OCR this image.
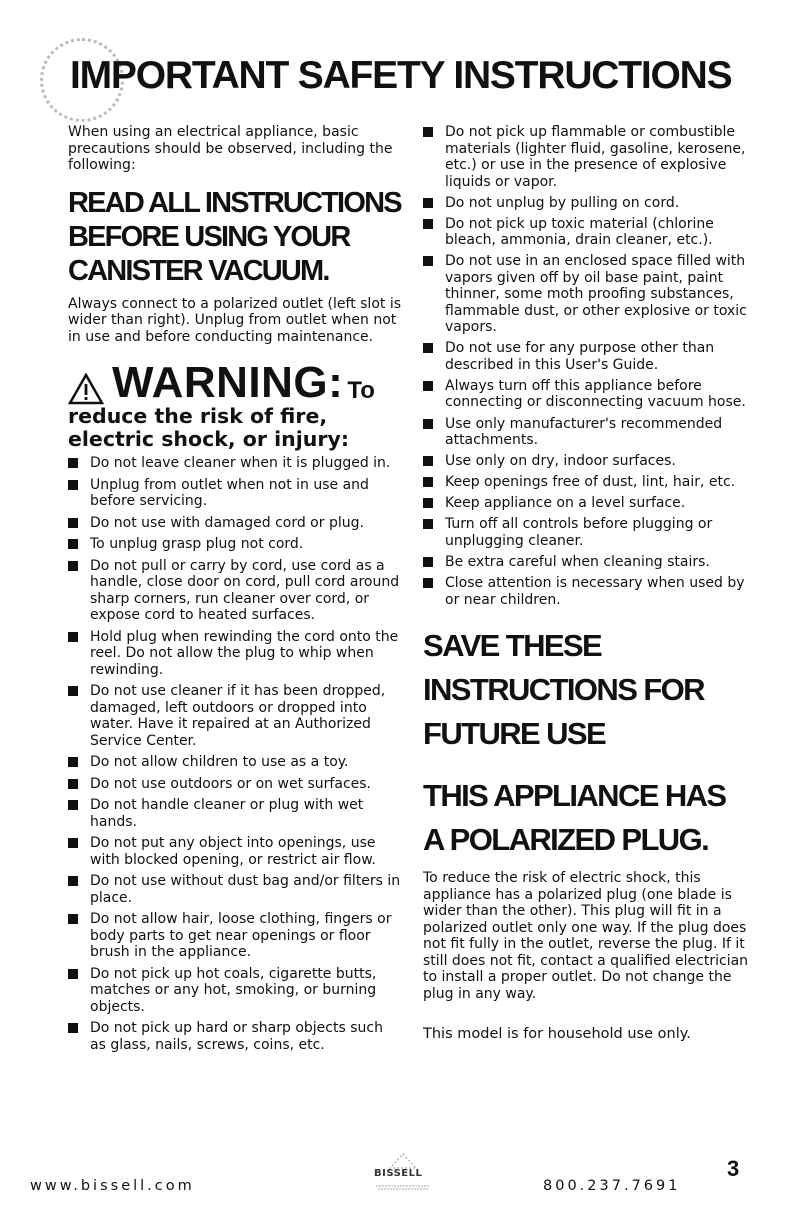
IMPORTANT SAFETY INSTRUCTIONS

When using an electrical appliance, basic precautions should be observed, including the following:

READ ALL INSTRUCTIONS
BEFORE USING YOUR
CANISTER VACUUM.

Always connect to a polarized outlet (left slot is wider than right). Unplug from outlet when not in use and before conducting maintenance.

WARNING: To
reduce the risk of fire,
electric shock, or injury:
Do not leave cleaner when it is plugged in.
Unplug from outlet when not in use and before servicing.
Do not use with damaged cord or plug.
To unplug grasp plug not cord.
Do not pull or carry by cord, use cord as a handle, close door on cord, pull cord around sharp corners, run cleaner over cord, or expose cord to heated surfaces.
Hold plug when rewinding the cord onto the reel. Do not allow the plug to whip when rewinding.
Do not use cleaner if it has been dropped, damaged, left outdoors or dropped into water. Have it repaired at an Authorized Service Center.
Do not allow children to use as a toy.
Do not use outdoors or on wet surfaces.
Do not handle cleaner or plug with wet hands.
Do not put any object into openings, use with blocked opening, or restrict air flow.
Do not use without dust bag and/or filters in place.
Do not allow hair, loose clothing, fingers or body parts to get near openings or floor brush in the appliance.
Do not pick up hot coals, cigarette butts, matches or any hot, smoking, or burning objects.
Do not pick up hard or sharp objects such as glass, nails, screws, coins, etc.
Do not pick up flammable or combustible materials (lighter fluid, gasoline, kerosene, etc.) or use in the presence of explosive liquids or vapor.
Do not unplug by pulling on cord.
Do not pick up toxic material (chlorine bleach, ammonia, drain cleaner, etc.).
Do not use in an enclosed space filled with vapors given off by oil base paint, paint thinner, some moth proofing substances, flammable dust, or other explosive or toxic vapors.
Do not use for any purpose other than described in this User's Guide.
Always turn off this appliance before connecting or disconnecting vacuum hose.
Use only manufacturer's recommended attachments.
Use only on dry, indoor surfaces.
Keep openings free of dust, lint, hair, etc.
Keep appliance on a level surface.
Turn off all controls before plugging or unplugging cleaner.
Be extra careful when cleaning stairs.
Close attention is necessary when used by or near children.
SAVE THESE
INSTRUCTIONS FOR
FUTURE USE
THIS APPLIANCE HAS
A POLARIZED PLUG.

To reduce the risk of electric shock, this appliance has a polarized plug (one blade is wider than the other). This plug will fit in a polarized outlet only one way. If the plug does not fit fully in the outlet, reverse the plug. If it still does not fit, contact a qualified electrician to install a proper outlet. Do not change the plug in any way.

This model is for household use only.

www.bissell.com
BISSELL
800.237.7691
3
